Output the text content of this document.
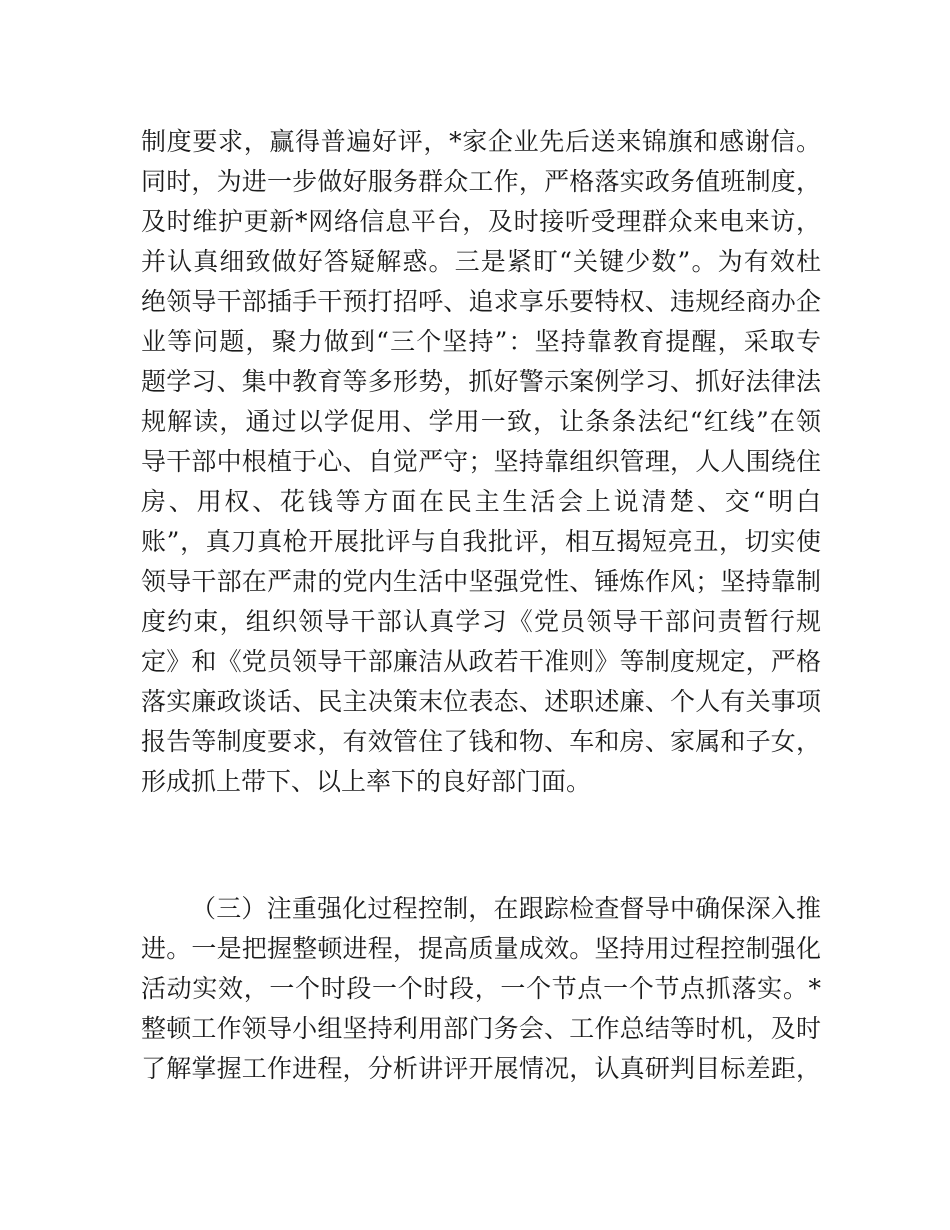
制度要求，赢得普遍好评，*家企业先后送来锦旗和感谢信。
同时，为进一步做好服务群众工作，严格落实政务值班制度，
及时维护更新*网络信息平台，及时接听受理群众来电来访，
并认真细致做好答疑解惑。三是紧盯“关键少数”。为有效杜
绝领导干部插手干预打招呼、追求享乐要特权、违规经商办企
业等问题，聚力做到“三个坚持”：坚持靠教育提醒，采取专
题学习、集中教育等多形势，抓好警示案例学习、抓好法律法
规解读，通过以学促用、学用一致，让条条法纪“红线”在领
导干部中根植于心、自觉严守；坚持靠组织管理，人人围绕住
房、用权、花钱等方面在民主生活会上说清楚、交“明白
账”，真刀真枪开展批评与自我批评，相互揭短亮丑，切实使
领导干部在严肃的党内生活中坚强党性、锤炼作风；坚持靠制
度约束，组织领导干部认真学习《党员领导干部问责暂行规
定》和《党员领导干部廉洁从政若干准则》等制度规定，严格
落实廉政谈话、民主决策末位表态、述职述廉、个人有关事项
报告等制度要求，有效管住了钱和物、车和房、家属和子女，
形成抓上带下、以上率下的良好部门面。
（三）注重强化过程控制，在跟踪检查督导中确保深入推
进。一是把握整顿进程，提高质量成效。坚持用过程控制强化
活动实效，一个时段一个时段，一个节点一个节点抓落实。*
整顿工作领导小组坚持利用部门务会、工作总结等时机，及时
了解掌握工作进程，分析讲评开展情况，认真研判目标差距，
